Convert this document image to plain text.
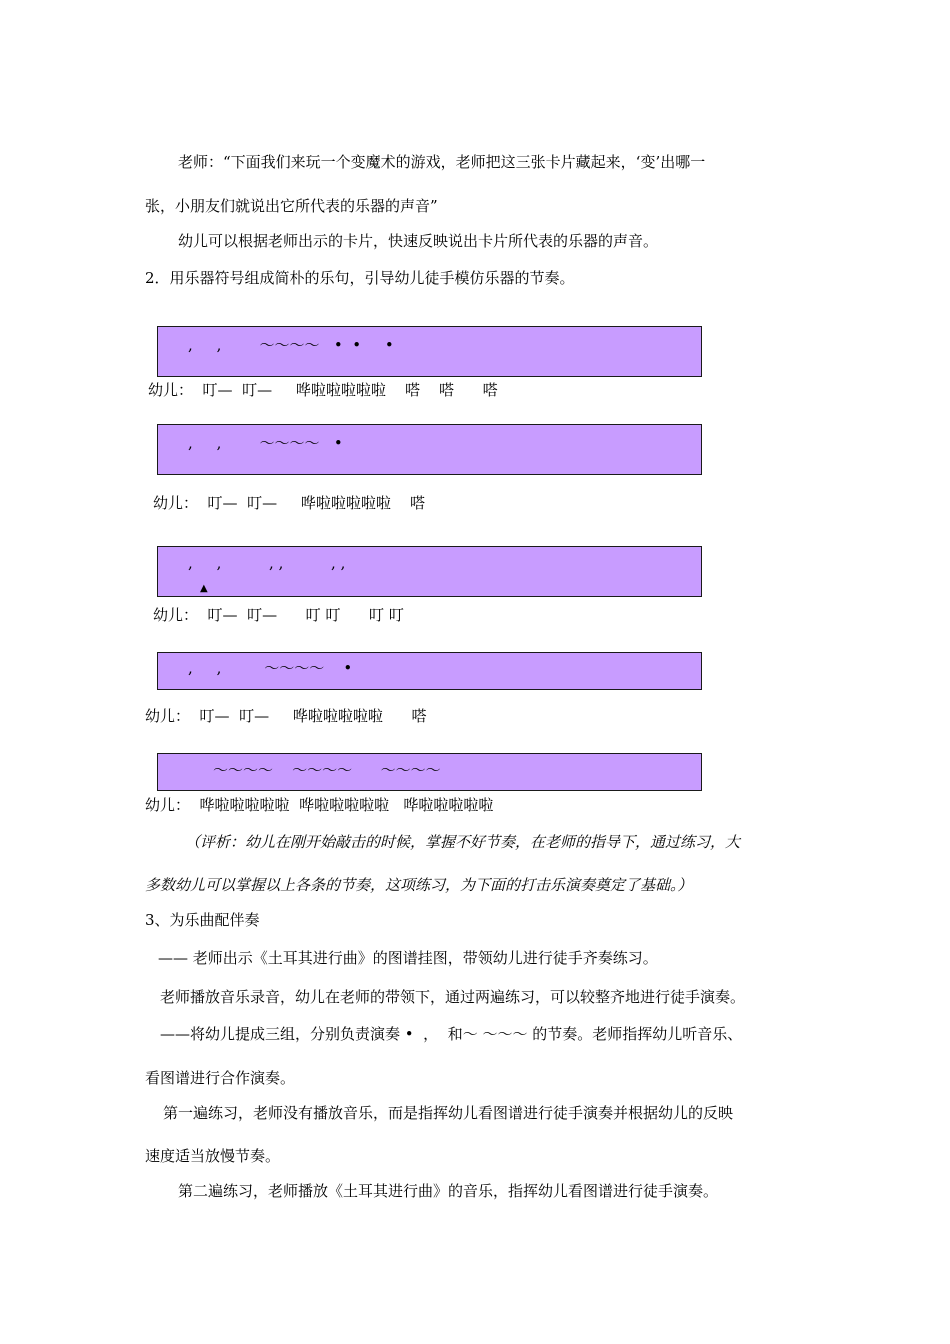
老师：“下面我们来玩一个变魔术的游戏，老师把这三张卡片藏起来，‘变’出哪一
张，小朋友们就说出它所代表的乐器的声音”
幼儿可以根据老师出示的卡片，快速反映说出卡片所代表的乐器的声音。
2．用乐器符号组成简朴的乐句，引导幼儿徒手模仿乐器的节奏。
,     ,        ～～～～   •  •     •
幼儿：  叮—  叮—     哗啦啦啦啦啦    嗒    嗒      嗒
,     ,        ～～～～   •
幼儿：  叮—  叮—     哗啦啦啦啦啦    嗒
,     ,          , ,          , ,
▲
幼儿：  叮—  叮—      叮 叮      叮 叮
,     ,         ～～～～    •
幼儿：  叮—  叮—     哗啦啦啦啦啦      嗒
～～～～    ～～～～      ～～～～
幼儿：  哗啦啦啦啦啦  哗啦啦啦啦啦   哗啦啦啦啦啦
（评析：幼儿在刚开始敲击的时候，掌握不好节奏，在老师的指导下，通过练习，大
多数幼儿可以掌握以上各条的节奏，这项练习，为下面的打击乐演奏奠定了基础。）
3、为乐曲配伴奏
—— 老师出示《土耳其进行曲》的图谱挂图，带领幼儿进行徒手齐奏练习。
老师播放音乐录音，幼儿在老师的带领下，通过两遍练习，可以较整齐地进行徒手演奏。
——将幼儿提成三组，分别负责演奏 •  ，  和～ ～～～ 的节奏。老师指挥幼儿听音乐、
看图谱进行合作演奏。
第一遍练习，老师没有播放音乐，而是指挥幼儿看图谱进行徒手演奏并根据幼儿的反映
速度适当放慢节奏。
第二遍练习，老师播放《土耳其进行曲》的音乐，指挥幼儿看图谱进行徒手演奏。
